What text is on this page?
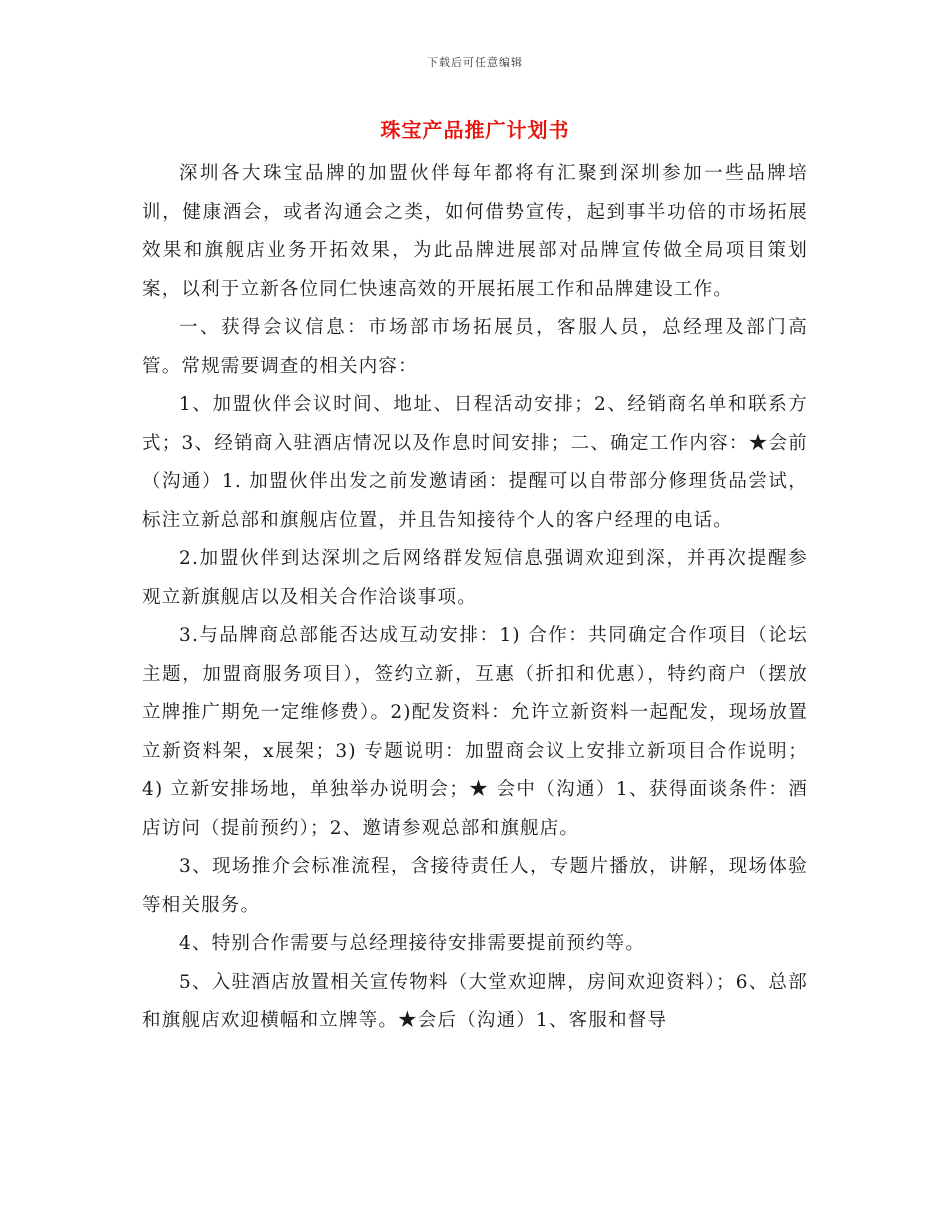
下载后可任意编辑
珠宝产品推广计划书

深圳各大珠宝品牌的加盟伙伴每年都将有汇聚到深圳参加一些品牌培训，健康酒会，或者沟通会之类，如何借势宣传，起到事半功倍的市场拓展效果和旗舰店业务开拓效果，为此品牌进展部对品牌宣传做全局项目策划案，以利于立新各位同仁快速高效的开展拓展工作和品牌建设工作。

一、获得会议信息：市场部市场拓展员，客服人员，总经理及部门高管。常规需要调查的相关内容：

1、加盟伙伴会议时间、地址、日程活动安排；2、经销商名单和联系方式；3、经销商入驻酒店情况以及作息时间安排；二、确定工作内容：★会前（沟通）1. 加盟伙伴出发之前发邀请函：提醒可以自带部分修理货品尝试，标注立新总部和旗舰店位置，并且告知接待个人的客户经理的电话。

2.加盟伙伴到达深圳之后网络群发短信息强调欢迎到深，并再次提醒参观立新旗舰店以及相关合作洽谈事项。

3.与品牌商总部能否达成互动安排：1) 合作：共同确定合作项目（论坛主题，加盟商服务项目），签约立新，互惠（折扣和优惠），特约商户（摆放立牌推广期免一定维修费）。2)配发资料：允许立新资料一起配发，现场放置立新资料架，x展架；3) 专题说明：加盟商会议上安排立新项目合作说明；4) 立新安排场地，单独举办说明会；★ 会中（沟通）1、获得面谈条件：酒店访问（提前预约）；2、邀请参观总部和旗舰店。

3、现场推介会标准流程，含接待责任人，专题片播放，讲解，现场体验等相关服务。

4、特别合作需要与总经理接待安排需要提前预约等。

5、入驻酒店放置相关宣传物料（大堂欢迎牌，房间欢迎资料）；6、总部和旗舰店欢迎横幅和立牌等。★会后（沟通）1、客服和督导
